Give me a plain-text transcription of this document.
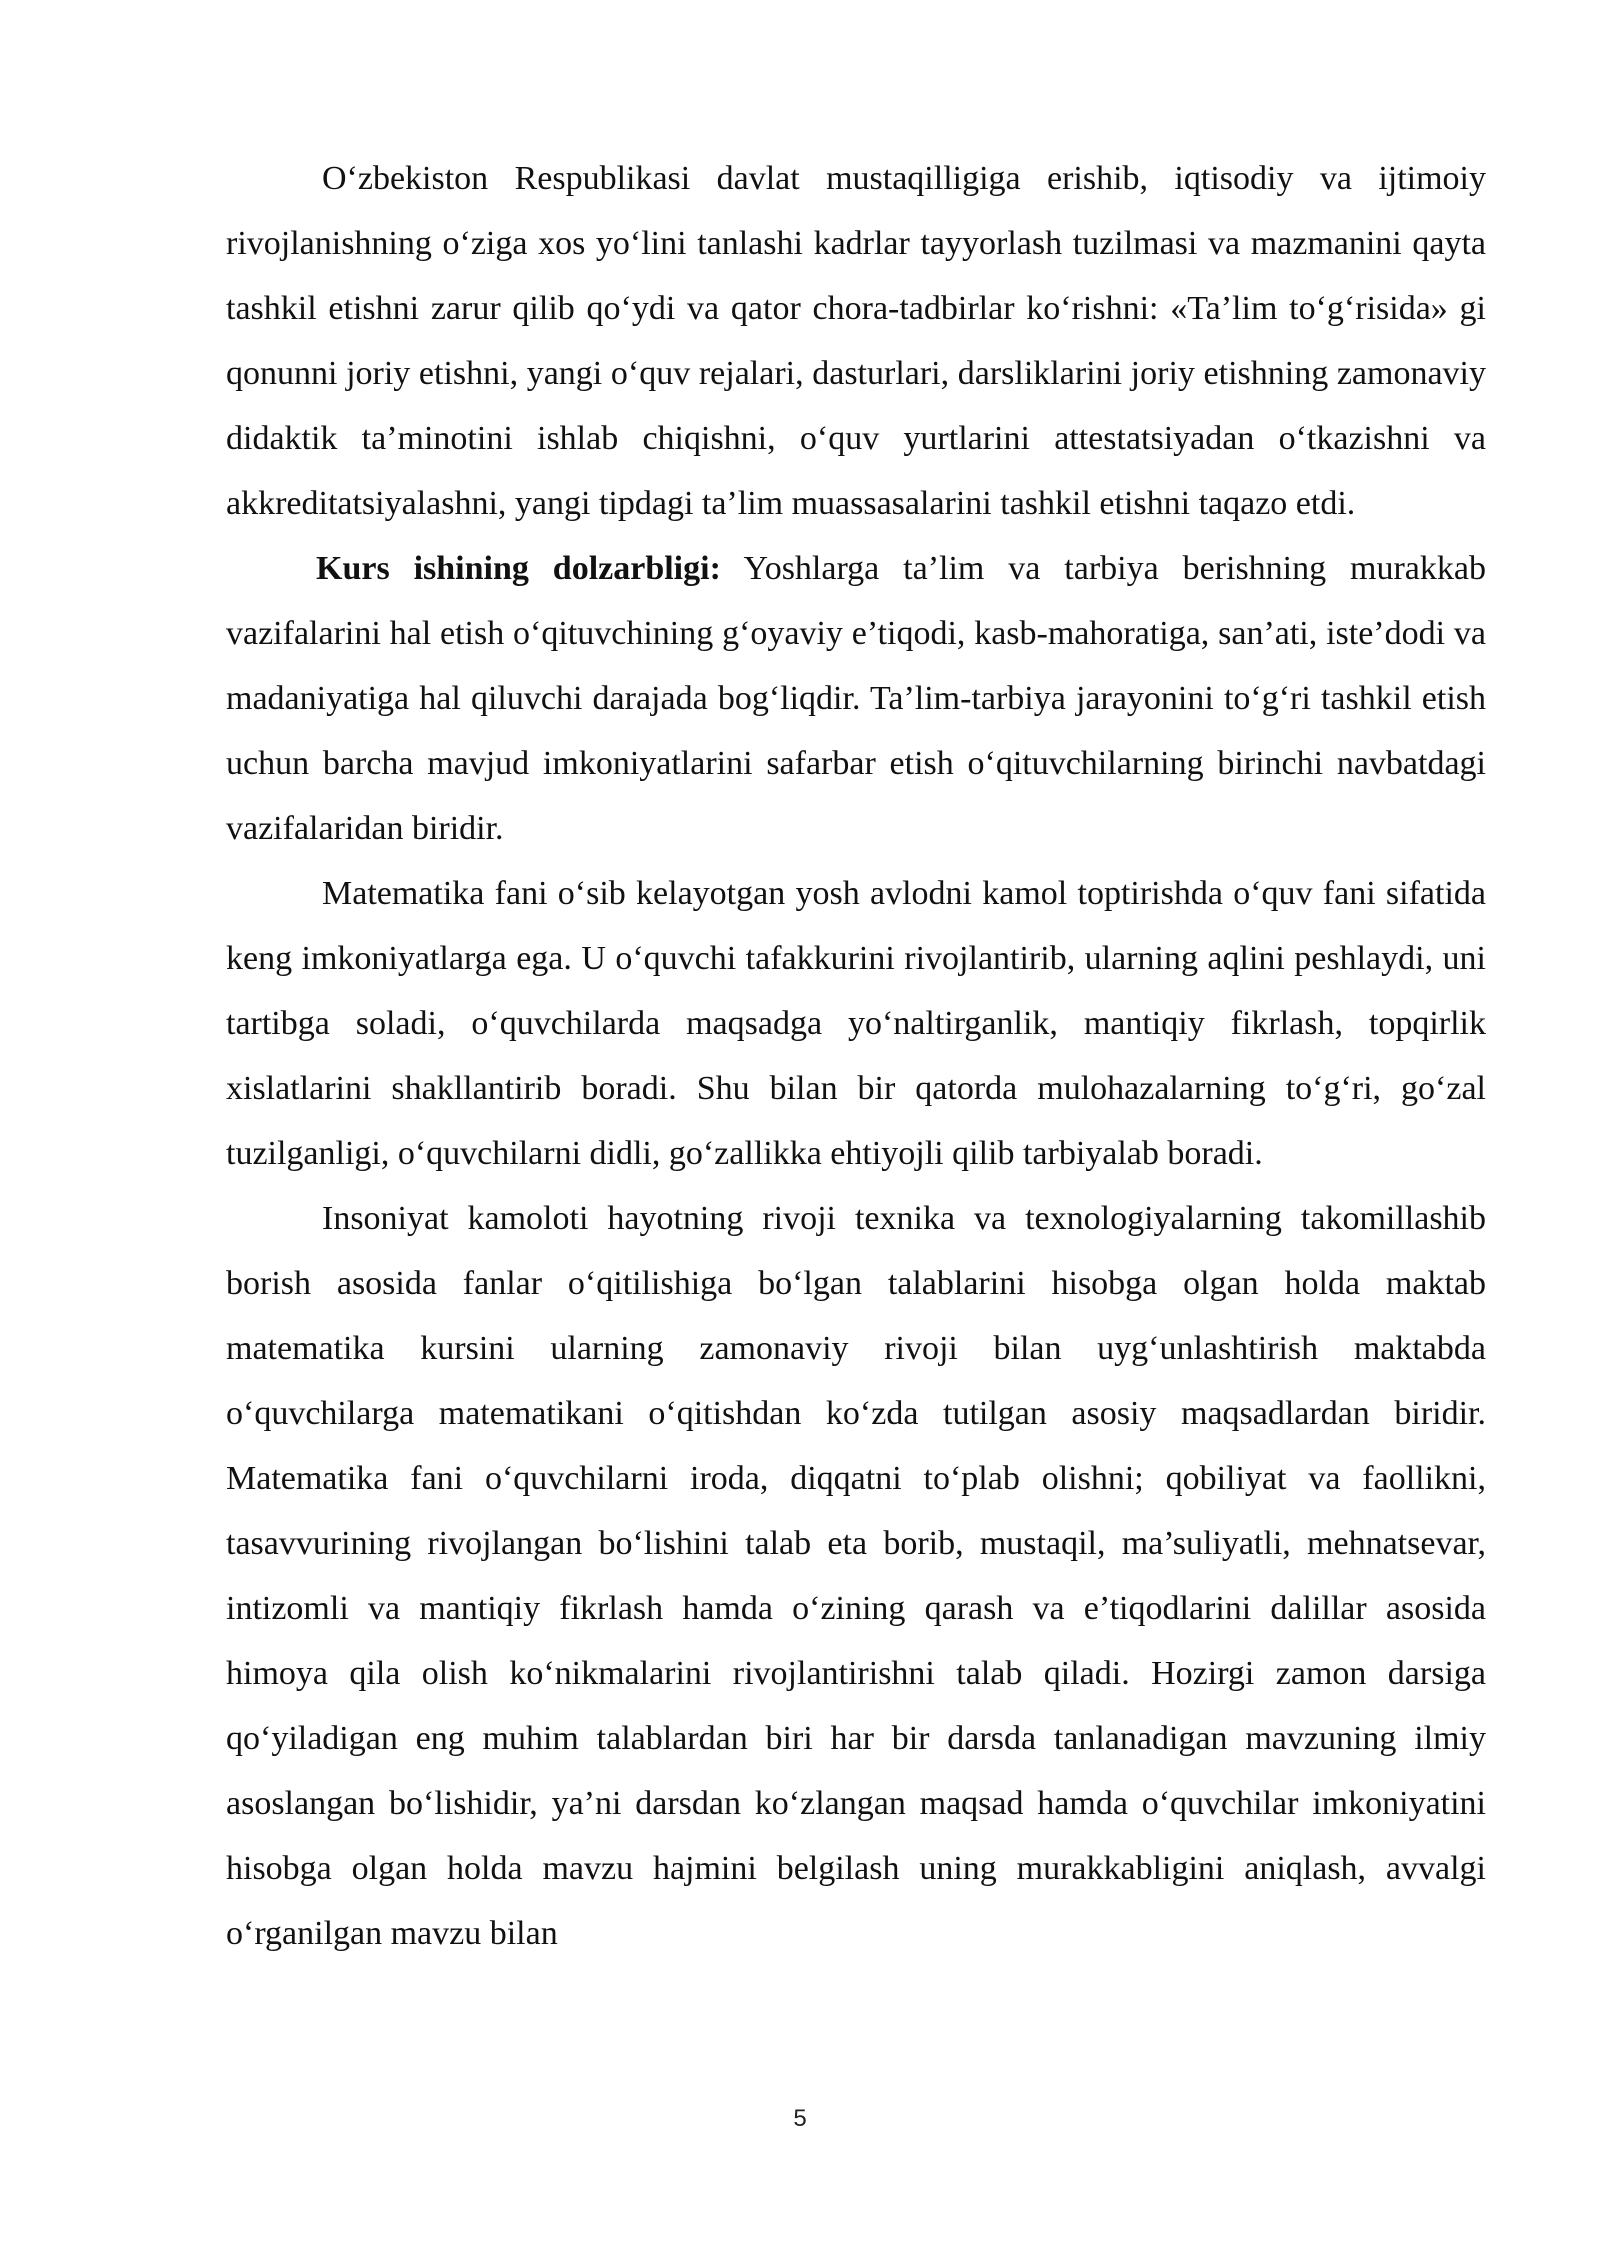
O‘zbekiston Respublikasi davlat mustaqilligiga erishib, iqtisodiy va ijtimoiy rivojlanishning o‘ziga xos yo‘lini tanlashi kadrlar tayyorlash tuzilmasi va mazmanini qayta tashkil etishni zarur qilib qo‘ydi va qator chora-tadbirlar ko‘rishni: «Ta’lim to‘g‘risida» gi qonunni joriy etishni, yangi o‘quv rejalari, dasturlari, darsliklarini joriy etishning zamonaviy didaktik ta’minotini ishlab chiqishni, o‘quv yurtlarini attestatsiyadan o‘tkazishni va akkreditatsiyalashni, yangi tipdagi ta’lim muassasalarini tashkil etishni taqazo etdi.

Kurs ishining dolzarbligi: Yoshlarga ta’lim va tarbiya berishning murakkab vazifalarini hal etish o‘qituvchining g‘oyaviy e’tiqodi, kasb-mahoratiga, san’ati, iste’dodi va madaniyatiga hal qiluvchi darajada bog‘liqdir. Ta’lim-tarbiya jarayonini to‘g‘ri tashkil etish uchun barcha mavjud imkoniyatlarini safarbar etish o‘qituvchilarning birinchi navbatdagi vazifalaridan biridir.

Matematika fani o‘sib kelayotgan yosh avlodni kamol toptirishda o‘quv fani sifatida keng imkoniyatlarga ega. U o‘quvchi tafakkurini rivojlantirib, ularning aqlini peshlaydi, uni tartibga soladi, o‘quvchilarda maqsadga yo‘naltirganlik, mantiqiy fikrlash, topqirlik xislatlarini shakllantirib boradi. Shu bilan bir qatorda mulohazalarning to‘g‘ri, go‘zal tuzilganligi, o‘quvchilarni didli, go‘zallikka ehtiyojli qilib tarbiyalab boradi.

Insoniyat kamoloti hayotning rivoji texnika va texnologiyalarning takomillashib borish asosida fanlar o‘qitilishiga bo‘lgan talablarini hisobga olgan holda maktab matematika kursini ularning zamonaviy rivoji bilan uyg‘unlashtirish maktabda o‘quvchilarga matematikani o‘qitishdan ko‘zda tutilgan asosiy maqsadlardan biridir. Matematika fani o‘quvchilarni iroda, diqqatni to‘plab olishni; qobiliyat va faollikni, tasavvurining rivojlangan bo‘lishini talab eta borib, mustaqil, ma’suliyatli, mehnatsevar, intizomli va mantiqiy fikrlash hamda o‘zining qarash va e’tiqodlarini dalillar asosida himoya qila olish ko‘nikmalarini rivojlantirishni talab qiladi. Hozirgi zamon darsiga qo‘yiladigan eng muhim talablardan biri har bir darsda tanlanadigan mavzuning ilmiy asoslangan bo‘lishidir, ya’ni darsdan ko‘zlangan maqsad hamda o‘quvchilar imkoniyatini hisobga olgan holda mavzu hajmini belgilash uning murakkabligini aniqlash, avvalgi o‘rganilgan mavzu bilan

5
